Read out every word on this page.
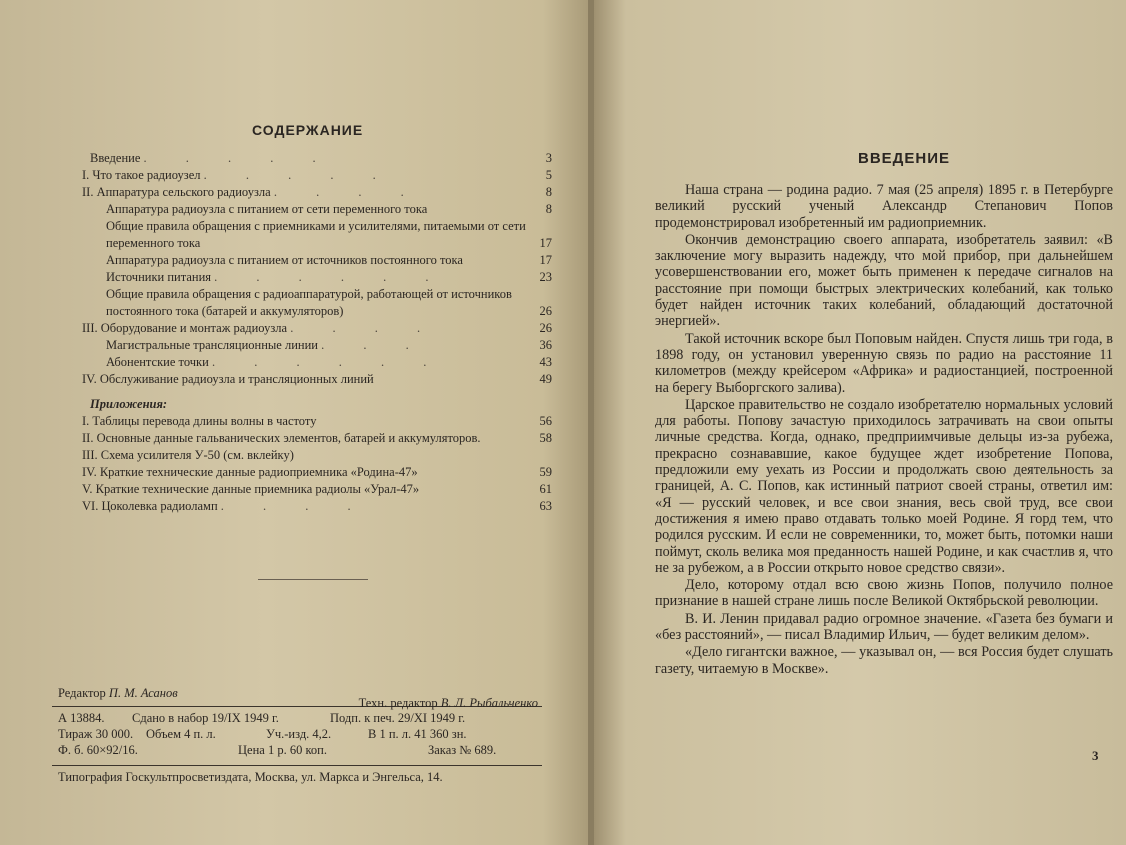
СОДЕРЖАНИЕ
Введение . . . . .	3
I. Что такое радиоузел . . . . .	5
II. Аппаратура сельского радиоузла . . . .	8
Аппаратура радиоузла с питанием от сети переменного тока	8
Общие правила обращения с приемниками и усилителями, питаемыми от сети переменного тока	17
Аппаратура радиоузла с питанием от источников постоянного тока	17
Источники питания . . . . . .	23
Общие правила обращения с радиоаппаратурой, работающей от источников постоянного тока (батарей и аккумуляторов)	26
III. Оборудование и монтаж радиоузла . . . .	26
Магистральные трансляционные линии . . .	36
Абонентские точки . . . . . .	43
IV. Обслуживание радиоузла и трансляционных линий	49
Приложения:
I. Таблицы перевода длины волны в частоту	56
II. Основные данные гальванических элементов, батарей и аккумуляторов.	58
III. Схема усилителя У-50 (см. вклейку)
IV. Краткие технические данные радиоприемника «Родина-47»	59
V. Краткие технические данные приемника радиолы «Урал-47»	61
VI. Цоколевка радиоламп . . . .	63
Редактор П. М. Асанов
Техн. редактор В. Л. Рыбальченко
А 13884. Сдано в набор 19/IX 1949 г.	Подп. к печ. 29/XI 1949 г.
Тираж 30 000. Объем 4 п. л.	Уч.-изд. 4,2.	В 1 п. л. 41 360 зн.
Ф. б. 60×92/16.	Цена 1 р. 60 коп.	Заказ № 689.
Типография Госкультпросветиздата, Москва, ул. Маркса и Энгельса, 14.
ВВЕДЕНИЕ

Наша страна — родина радио. 7 мая (25 апреля) 1895 г. в Петербурге великий русский ученый Александр Степанович Попов продемонстрировал изобретенный им радиоприемник.

Окончив демонстрацию своего аппарата, изобретатель заявил: «В заключение могу выразить надежду, что мой прибор, при дальнейшем усовершенствовании его, может быть применен к передаче сигналов на расстояние при помощи быстрых электрических колебаний, как только будет найден источник таких колебаний, обладающий достаточной энергией».

Такой источник вскоре был Поповым найден. Спустя лишь три года, в 1898 году, он установил уверенную связь по радио на расстояние 11 километров (между крейсером «Африка» и радиостанцией, построенной на берегу Выборгского залива).

Царское правительство не создало изобретателю нормальных условий для работы. Попову зачастую приходилось затрачивать на свои опыты личные средства. Когда, однако, предприимчивые дельцы из-за рубежа, прекрасно сознававшие, какое будущее ждет изобретение Попова, предложили ему уехать из России и продолжать свою деятельность за границей, А. С. Попов, как истинный патриот своей страны, ответил им: «Я — русский человек, и все свои знания, весь свой труд, все свои достижения я имею право отдавать только моей Родине. Я горд тем, что родился русским. И если не современники, то, может быть, потомки наши поймут, сколь велика моя преданность нашей Родине, и как счастлив я, что не за рубежом, а в России открыто новое средство связи».

Дело, которому отдал всю свою жизнь Попов, получило полное признание в нашей стране лишь после Великой Октябрьской революции.

В. И. Ленин придавал радио огромное значение. «Газета без бумаги и «без расстояний», — писал Владимир Ильич, — будет великим делом».

«Дело гигантски важное, — указывал он, — вся Россия будет слушать газету, читаемую в Москве».

3
